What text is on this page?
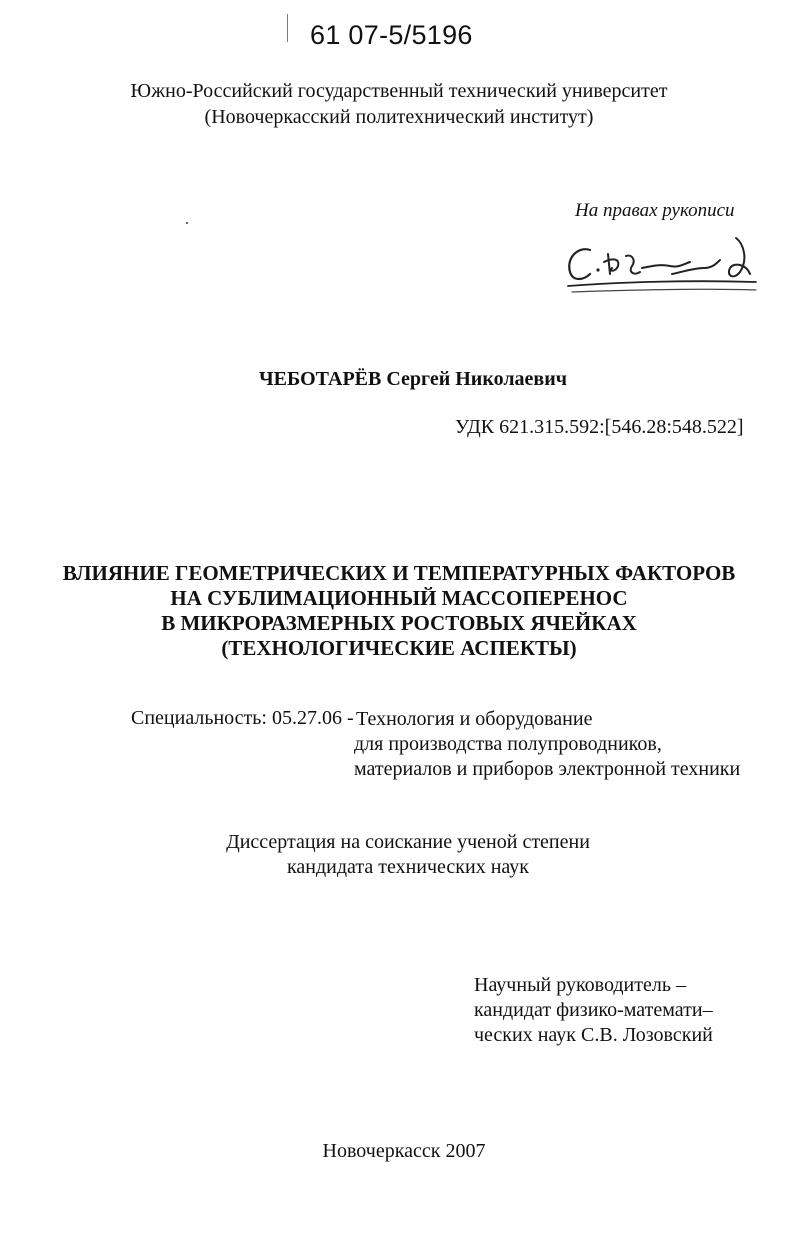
61 07-5/5196
Южно-Российский государственный технический университет
(Новочеркасский политехнический институт)
На правах рукописи
ЧЕБОТАРЁВ Сергей Николаевич
УДК 621.315.592:[546.28:548.522]
ВЛИЯНИЕ ГЕОМЕТРИЧЕСКИХ И ТЕМПЕРАТУРНЫХ ФАКТОРОВ
НА СУБЛИМАЦИОННЫЙ МАССОПЕРЕНОС
В МИКРОРАЗМЕРНЫХ РОСТОВЫХ ЯЧЕЙКАХ
(ТЕХНОЛОГИЧЕСКИЕ АСПЕКТЫ)
Специальность: 05.27.06 - Технология и оборудование
для производства полупроводников,
материалов и приборов электронной техники
Диссертация на соискание ученой степени
кандидата технических наук
Научный руководитель –
кандидат физико-математи–
ческих наук С.В. Лозовский
Новочеркасск 2007
